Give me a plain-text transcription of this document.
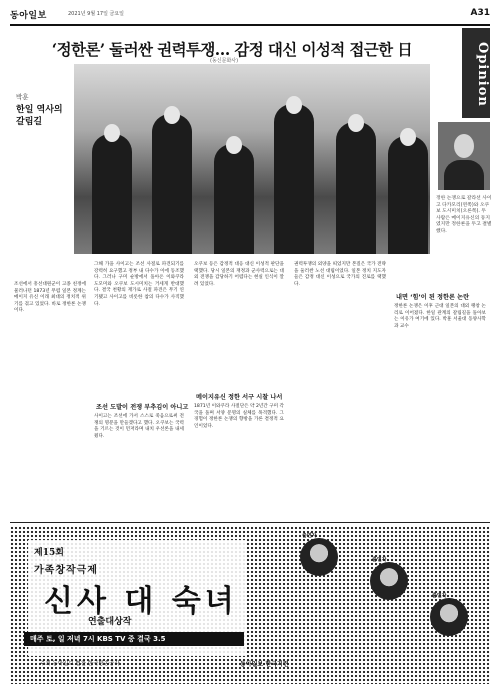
동아일보	2021년 9월 17일 금요일	A31
Opinion
‘정한론’ 둘러싼 권력투쟁… 감정 대신 이성적 접근한 日
(동신문화사)
박훈
한일 역사의
갈림길
정한 논쟁으로 갈라선 사이고 다카모리(왼쪽)와 오쿠보 도시미치(오른쪽). 두 사람은 메이지유신의 동지였지만 정한론을 두고 결별했다.
조선에서 흥선대원군이 고종 친정에 물러나던 1873년 무렵 일본 정계는 메이지 유신 이래 최대의 정치적 위기를 겪고 있었다. 바로 정한론 논쟁이다.
그해 가을 사이고는 조선 사절로 파견되기를 강력히 요구했고 정부 내 다수가 이에 동조했다. 그러나 구미 순방에서 돌아온 이와쿠라 도모미와 오쿠보 도시미치는 거세게 반대했다. 결국 천황의 재가로 사절 파견은 무기 연기됐고 사이고를 비롯한 참의 다수가 사직했다.
조선 도발이 전쟁 부추김이 아니고
사이고는 조선에 가서 스스로 죽음으로써 전쟁의 명분을 만들겠다고 했다. 오쿠보는 국력을 기르는 것이 먼저라며 내치 우선론을 내세웠다.
오쿠보 등은 감정적 대응 대신 이성적 판단을 택했다. 당시 일본의 재정과 군사력으로는 대외 전쟁을 감당하기 어렵다는 현실 인식이 깔려 있었다.
메이지유신 정한 서구 시찰 나서
1871년 이와쿠라 사절단은 약 2년간 구미 각국을 돌며 서양 문명의 실체를 목격했다. 그 경험이 정한론 논쟁의 향방을 가른 결정적 요인이었다.
권력투쟁의 외양을 띠었지만 본질은 국가 전략을 둘러싼 노선 대립이었다. 일본 정치 지도자들은 감정 대신 이성으로 국가의 진로를 택했다.
내면 ‘힘’이 된 정한론 논란
정한론 논쟁은 이후 근대 일본의 대외 팽창 논리로 이어졌다. 한일 관계의 갈림길을 돌아보는 이유가 여기에 있다. 박훈 서울대 동양사학과 교수
제15회
가족창작극제
신사 대 숙녀
연출대상작
매주 토, 일 저녁 7시 KBS TV 중 결국 3.5
주최 동아일보 협찬 한국방송공사	동아일보·한국기련
출연자
출연자
출연자
